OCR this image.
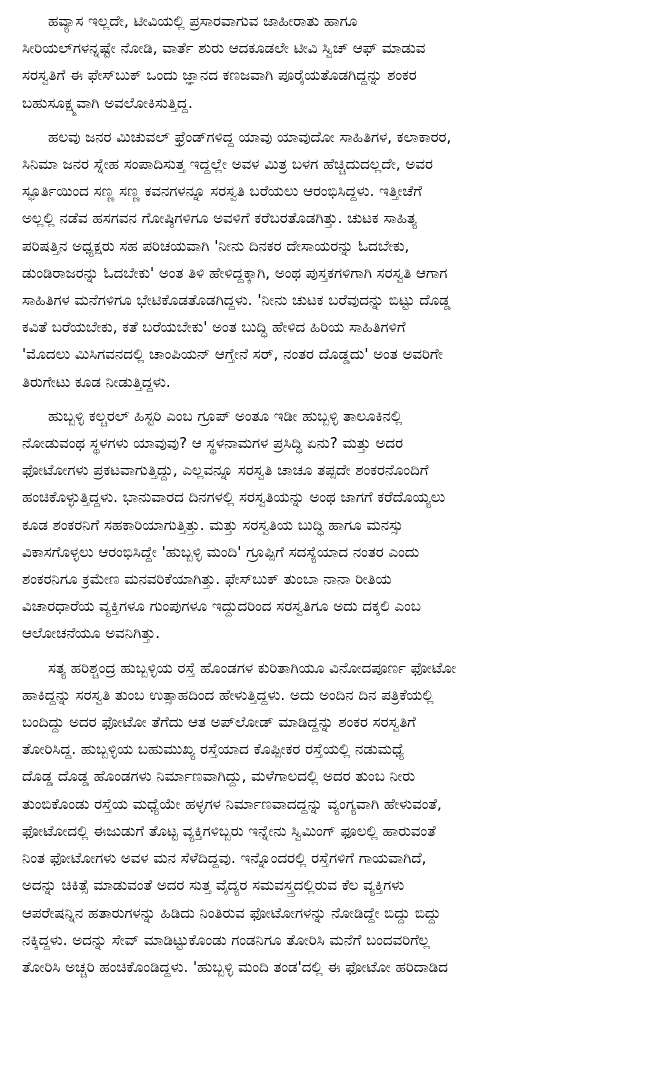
ಹವ್ಯಾಸ ಇಲ್ಲದೇ, ಟೀವಿಯಲ್ಲಿ ಪ್ರಸಾರವಾಗುವ ಜಾಹೀರಾತು ಹಾಗೂ
ಸೀರಿಯಲ್‌ಗಳನ್ನಷ್ಟೇ ನೋಡಿ, ವಾರ್ತೆ ಶುರು ಆದಕೂಡಲೇ ಟೀವಿ ಸ್ವಿಚ್ ಆಫ್ ಮಾಡುವ
ಸರಸ್ವತಿಗೆ ಈ ಫೇಸ್‌ಬುಕ್ ಒಂದು ಜ್ಞಾನದ ಕಣಜವಾಗಿ ಪೂರೈಯತೊಡಗಿದ್ದನ್ನು ಶಂಕರ
ಬಹುಸೂಕ್ಷ್ಮವಾಗಿ ಅವಲೋಕಿಸುತ್ತಿದ್ದ.
ಹಲವು ಜನರ ಮಿಚುವಲ್ ಫ್ರೆಂಡ್‌ಗಳಿದ್ದ ಯಾವು ಯಾವುದೋ ಸಾಹಿತಿಗಳ, ಕಲಾಕಾರರ,
ಸಿನಿಮಾ ಜನರ ಸ್ನೇಹ ಸಂಪಾದಿಸುತ್ತ ಇದ್ದಲ್ಲೇ ಅವಳ ಮಿತ್ರ ಬಳಗ ಹೆಚ್ಚಿದುದಲ್ಲದೇ, ಅವರ
ಸ್ಫೂರ್ತಿಯಿಂದ ಸಣ್ಣ ಸಣ್ಣ ಕವನಗಳನ್ನೂ ಸರಸ್ವತಿ ಬರೆಯಲು ಆರಂಭಿಸಿದ್ದಳು. ಇತ್ತೀಚೆಗೆ
ಅಲ್ಲಲ್ಲಿ ನಡೆವ ಹಸಗವನ ಗೋಷ್ಠಿಗಳಿಗೂ ಅವಳಿಗೆ ಕರೆಬರತೊಡಗಿತ್ತು. ಚುಟಕ ಸಾಹಿತ್ಯ
ಪರಿಷತ್ತಿನ ಅಧ್ಯಕ್ಷರು ಸಹ ಪರಿಚಯವಾಗಿ 'ನೀನು ದಿನಕರ ದೇಸಾಯರನ್ನು ಓದಬೇಕು,
ಡುಂಡಿರಾಜರನ್ನು ಓದಬೇಕು' ಅಂತ ತಿಳಿ ಹೇಳಿದ್ದಕ್ಕಾಗಿ, ಅಂಥ ಪುಸ್ತಕಗಳಿಗಾಗಿ ಸರಸ್ವತಿ ಆಗಾಗ
ಸಾಹಿತಿಗಳ ಮನೆಗಳಿಗೂ ಭೇಟಿಕೊಡತೊಡಗಿದ್ದಳು. 'ನೀನು ಚುಟಕ ಬರೆವುದನ್ನು ಬಿಟ್ಟು ದೊಡ್ಡ
ಕವಿತೆ ಬರೆಯಬೇಕು, ಕತೆ ಬರೆಯಬೇಕು' ಅಂತ ಬುದ್ಧಿ ಹೇಳಿದ ಹಿರಿಯ ಸಾಹಿತಿಗಳಿಗೆ
'ಮೊದಲು ಮಿಸಿಗವನದಲ್ಲಿ ಚಾಂಪಿಯನ್ ಆಗ್ತೇನೆ ಸರ್, ನಂತರ ದೊಡ್ಡದು' ಅಂತ ಅವರಿಗೇ
ತಿರುಗೇಟು ಕೂಡ ನೀಡುತ್ತಿದ್ದಳು.
ಹುಬ್ಬಳ್ಳಿ ಕಲ್ಚರಲ್ ಹಿಸ್ಟರಿ ಎಂಬ ಗ್ರೂಪ್ ಅಂತೂ ಇಡೀ ಹುಬ್ಬಳ್ಳಿ ತಾಲೂಕಿನಲ್ಲಿ
ನೋಡುವಂಥ ಸ್ಥಳಗಳು ಯಾವುವು? ಆ ಸ್ಥಳನಾಮಗಳ ಪ್ರಸಿದ್ಧಿ ಏನು? ಮತ್ತು ಅದರ
ಫೋಟೋಗಳು ಪ್ರಕಟವಾಗುತ್ತಿದ್ದು, ಎಲ್ಲವನ್ನೂ ಸರಸ್ವತಿ ಚಾಚೂ ತಪ್ಪದೇ ಶಂಕರನೊಂದಿಗೆ
ಹಂಚಿಕೊಳ್ಳುತ್ತಿದ್ದಳು. ಭಾನುವಾರದ ದಿನಗಳಲ್ಲಿ ಸರಸ್ವತಿಯನ್ನು ಅಂಥ ಜಾಗಗೆ ಕರೆದೊಯ್ಯಲು
ಕೂಡ ಶಂಕರನಿಗೆ ಸಹಕಾರಿಯಾಗುತ್ತಿತ್ತು. ಮತ್ತು ಸರಸ್ವತಿಯ ಬುದ್ಧಿ ಹಾಗೂ ಮನಸ್ಸು
ವಿಕಾಸಗೊಳ್ಳಲು ಆರಂಭಿಸಿದ್ದೇ 'ಹುಬ್ಬಳ್ಳಿ ಮಂದಿ' ಗ್ರೂಪ್ಪಿಗೆ ಸದಸ್ಯೆಯಾದ ನಂತರ ಎಂದು
ಶಂಕರನಿಗೂ ಕ್ರಮೇಣ ಮನವರಿಕೆಯಾಗಿತ್ತು. ಫೇಸ್‌ಬುಕ್ ತುಂಬಾ ನಾನಾ ರೀತಿಯ
ವಿಚಾರಧಾರೆಯ ವ್ಯಕ್ತಿಗಳೂ ಗುಂಪುಗಳೂ ಇದ್ದುದರಿಂದ ಸರಸ್ವತಿಗೂ ಅದು ದಕ್ಕಲಿ ಎಂಬ
ಆಲೋಚನೆಯೂ ಅವನಿಗಿತ್ತು.
ಸತ್ಯ ಹರಿಶ್ಚಂದ್ರ ಹುಬ್ಬಳ್ಳಿಯ ರಸ್ತೆ ಹೊಂಡಗಳ ಕುರಿತಾಗಿಯೂ ವಿನೋದಪೂರ್ಣ ಫೋಟೋ
ಹಾಕಿದ್ದನ್ನು ಸರಸ್ವತಿ ತುಂಬ ಉತ್ಸಾಹದಿಂದ ಹೇಳುತ್ತಿದ್ದಳು. ಅದು ಅಂದಿನ ದಿನ ಪತ್ರಿಕೆಯಲ್ಲಿ
ಬಂದಿದ್ದು ಅದರ ಫೋಟೋ ತೆಗೆದು ಆತ ಅಪ್‌ಲೋಡ್ ಮಾಡಿದ್ದನ್ನು ಶಂಕರ ಸರಸ್ವತಿಗೆ
ತೋರಿಸಿದ್ದ. ಹುಬ್ಬಳ್ಳಿಯ ಬಹುಮುಖ್ಯ ರಸ್ತೆಯಾದ ಕೊಪ್ಪೀಕರ ರಸ್ತೆಯಲ್ಲಿ ನಡುಮಧ್ಯೆ
ದೊಡ್ಡ ದೊಡ್ಡ ಹೊಂಡಗಳು ನಿರ್ಮಾಣವಾಗಿದ್ದು, ಮಳೆಗಾಲದಲ್ಲಿ ಅದರ ತುಂಬ ನೀರು
ತುಂಬಿಕೊಂಡು ರಸ್ತೆಯ ಮಧ್ಯೆಯೇ ಹಳ್ಳಗಳ ನಿರ್ಮಾಣವಾದದ್ದನ್ನು ವ್ಯಂಗ್ಯವಾಗಿ ಹೇಳುವಂತೆ,
ಫೋಟೋದಲ್ಲಿ ಈಜುಡುಗೆ ತೊಟ್ಟ ವ್ಯಕ್ತಿಗಳಿಬ್ಬರು ಇನ್ನೇನು ಸ್ವಿಮಿಂಗ್ ಫೂಲಲ್ಲಿ ಹಾರುವಂತೆ
ನಿಂತ ಫೋಟೋಗಳು ಅವಳ ಮನ ಸೆಳೆದಿದ್ದವು. ಇನ್ನೊಂದರಲ್ಲಿ ರಸ್ತೆಗಳಿಗೆ ಗಾಯವಾಗಿದೆ,
ಅದನ್ನು ಚಿಕಿತ್ಸೆ ಮಾಡುವಂತೆ ಅದರ ಸುತ್ತ ವೈದ್ಯರ ಸಮವಸ್ತ್ರದಲ್ಲಿರುವ ಕೆಲ ವ್ಯಕ್ತಿಗಳು
ಆಪರೇಷನ್ನಿನ ಹತಾರುಗಳನ್ನು ಹಿಡಿದು ನಿಂತಿರುವ ಫೋಟೋಗಳನ್ನು ನೋಡಿದ್ದೇ ಬಿದ್ದು ಬಿದ್ದು
ನಕ್ಕಿದ್ದಳು. ಅದನ್ನು ಸೇವ್ ಮಾಡಿಟ್ಟುಕೊಂಡು ಗಂಡನಿಗೂ ತೋರಿಸಿ ಮನೆಗೆ ಬಂದವರಿಗೆಲ್ಲ
ತೋರಿಸಿ ಅಚ್ಚರಿ ಹಂಚಿಕೊಂಡಿದ್ದಳು. 'ಹುಬ್ಬಳ್ಳಿ ಮಂದಿ ತಂಡ'ದಲ್ಲಿ ಈ ಫೋಟೋ ಹರಿದಾಡಿದ
